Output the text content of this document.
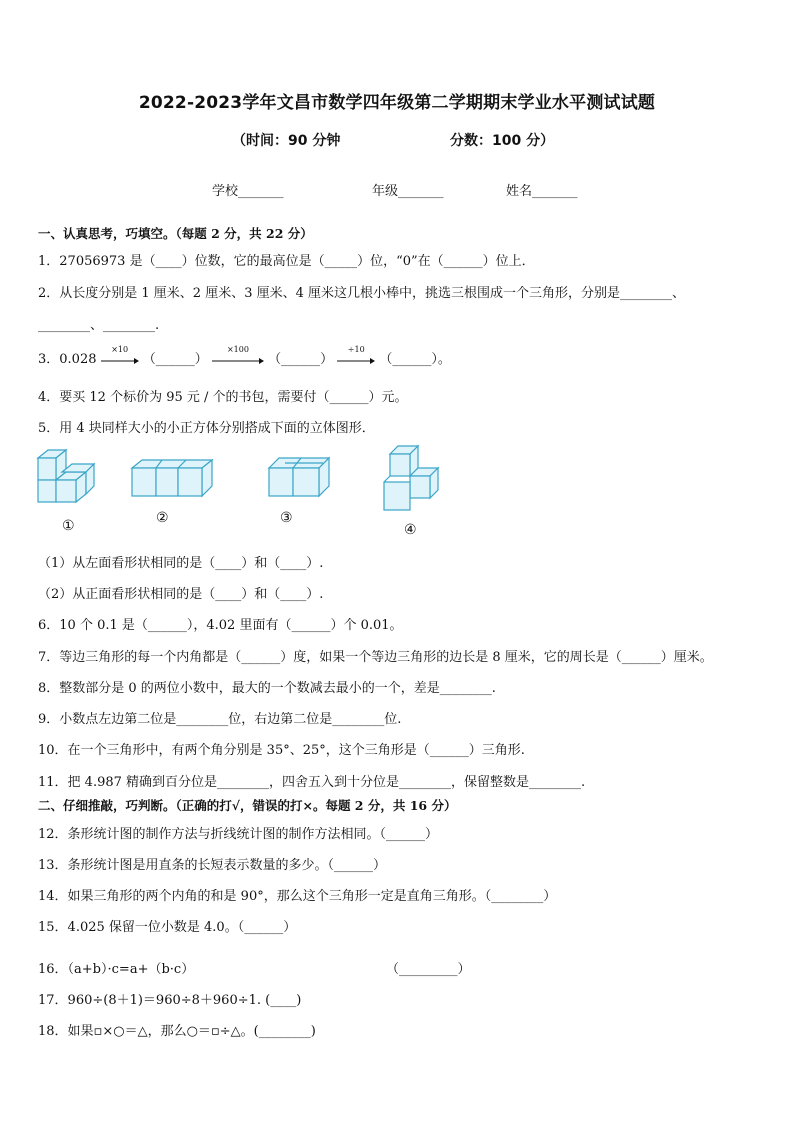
2022-2023学年文昌市数学四年级第二学期期末学业水平测试试题
（时间：90 分钟	分数：100 分）
学校_______	年级_______	姓名_______
一、认真思考，巧填空。（每题 2 分，共 22 分）
1．27056973 是（____）位数，它的最高位是（_____）位，“0”在（______）位上．
2．从长度分别是 1 厘米、2 厘米、3 厘米、4 厘米这几根小棒中，挑选三根围成一个三角形，分别是________、
________、________.
3．0.028
×10
（______）
×100
（______）
÷10
（______）。
4．要买 12 个标价为 95 元 / 个的书包，需要付（______）元。
5．用 4 块同样大小的小正方体分别搭成下面的立体图形．
①	②	③
④
（1）从左面看形状相同的是（____）和（____）.
（2）从正面看形状相同的是（____）和（____）.
6．10 个 0.1 是（______），4.02 里面有（______）个 0.01。
7．等边三角形的每一个内角都是（______）度，如果一个等边三角形的边长是 8 厘米，它的周长是（______）厘米。
8．整数部分是 0 的两位小数中，最大的一个数减去最小的一个，差是________.
9．小数点左边第二位是________位，右边第二位是________位.
10．在一个三角形中，有两个角分别是 35°、25°，这个三角形是（______）三角形.
11．把 4.987 精确到百分位是________，四舍五入到十分位是________，保留整数是________.
二、仔细推敲，巧判断。（正确的打√，错误的打×。每题 2 分，共 16 分）
12．条形统计图的制作方法与折线统计图的制作方法相同。（______）
13．条形统计图是用直条的长短表示数量的多少。（______）
14．如果三角形的两个内角的和是 90°，那么这个三角形一定是直角三角形。（________）
15．4.025 保留一位小数是 4.0。（______）
16．（a+b）·c=a+（b·c）	（_________）
17．960÷(8＋1)＝960÷8＋960÷1. (____)
18．如果▫×○＝△，那么○＝▫÷△。(________)
